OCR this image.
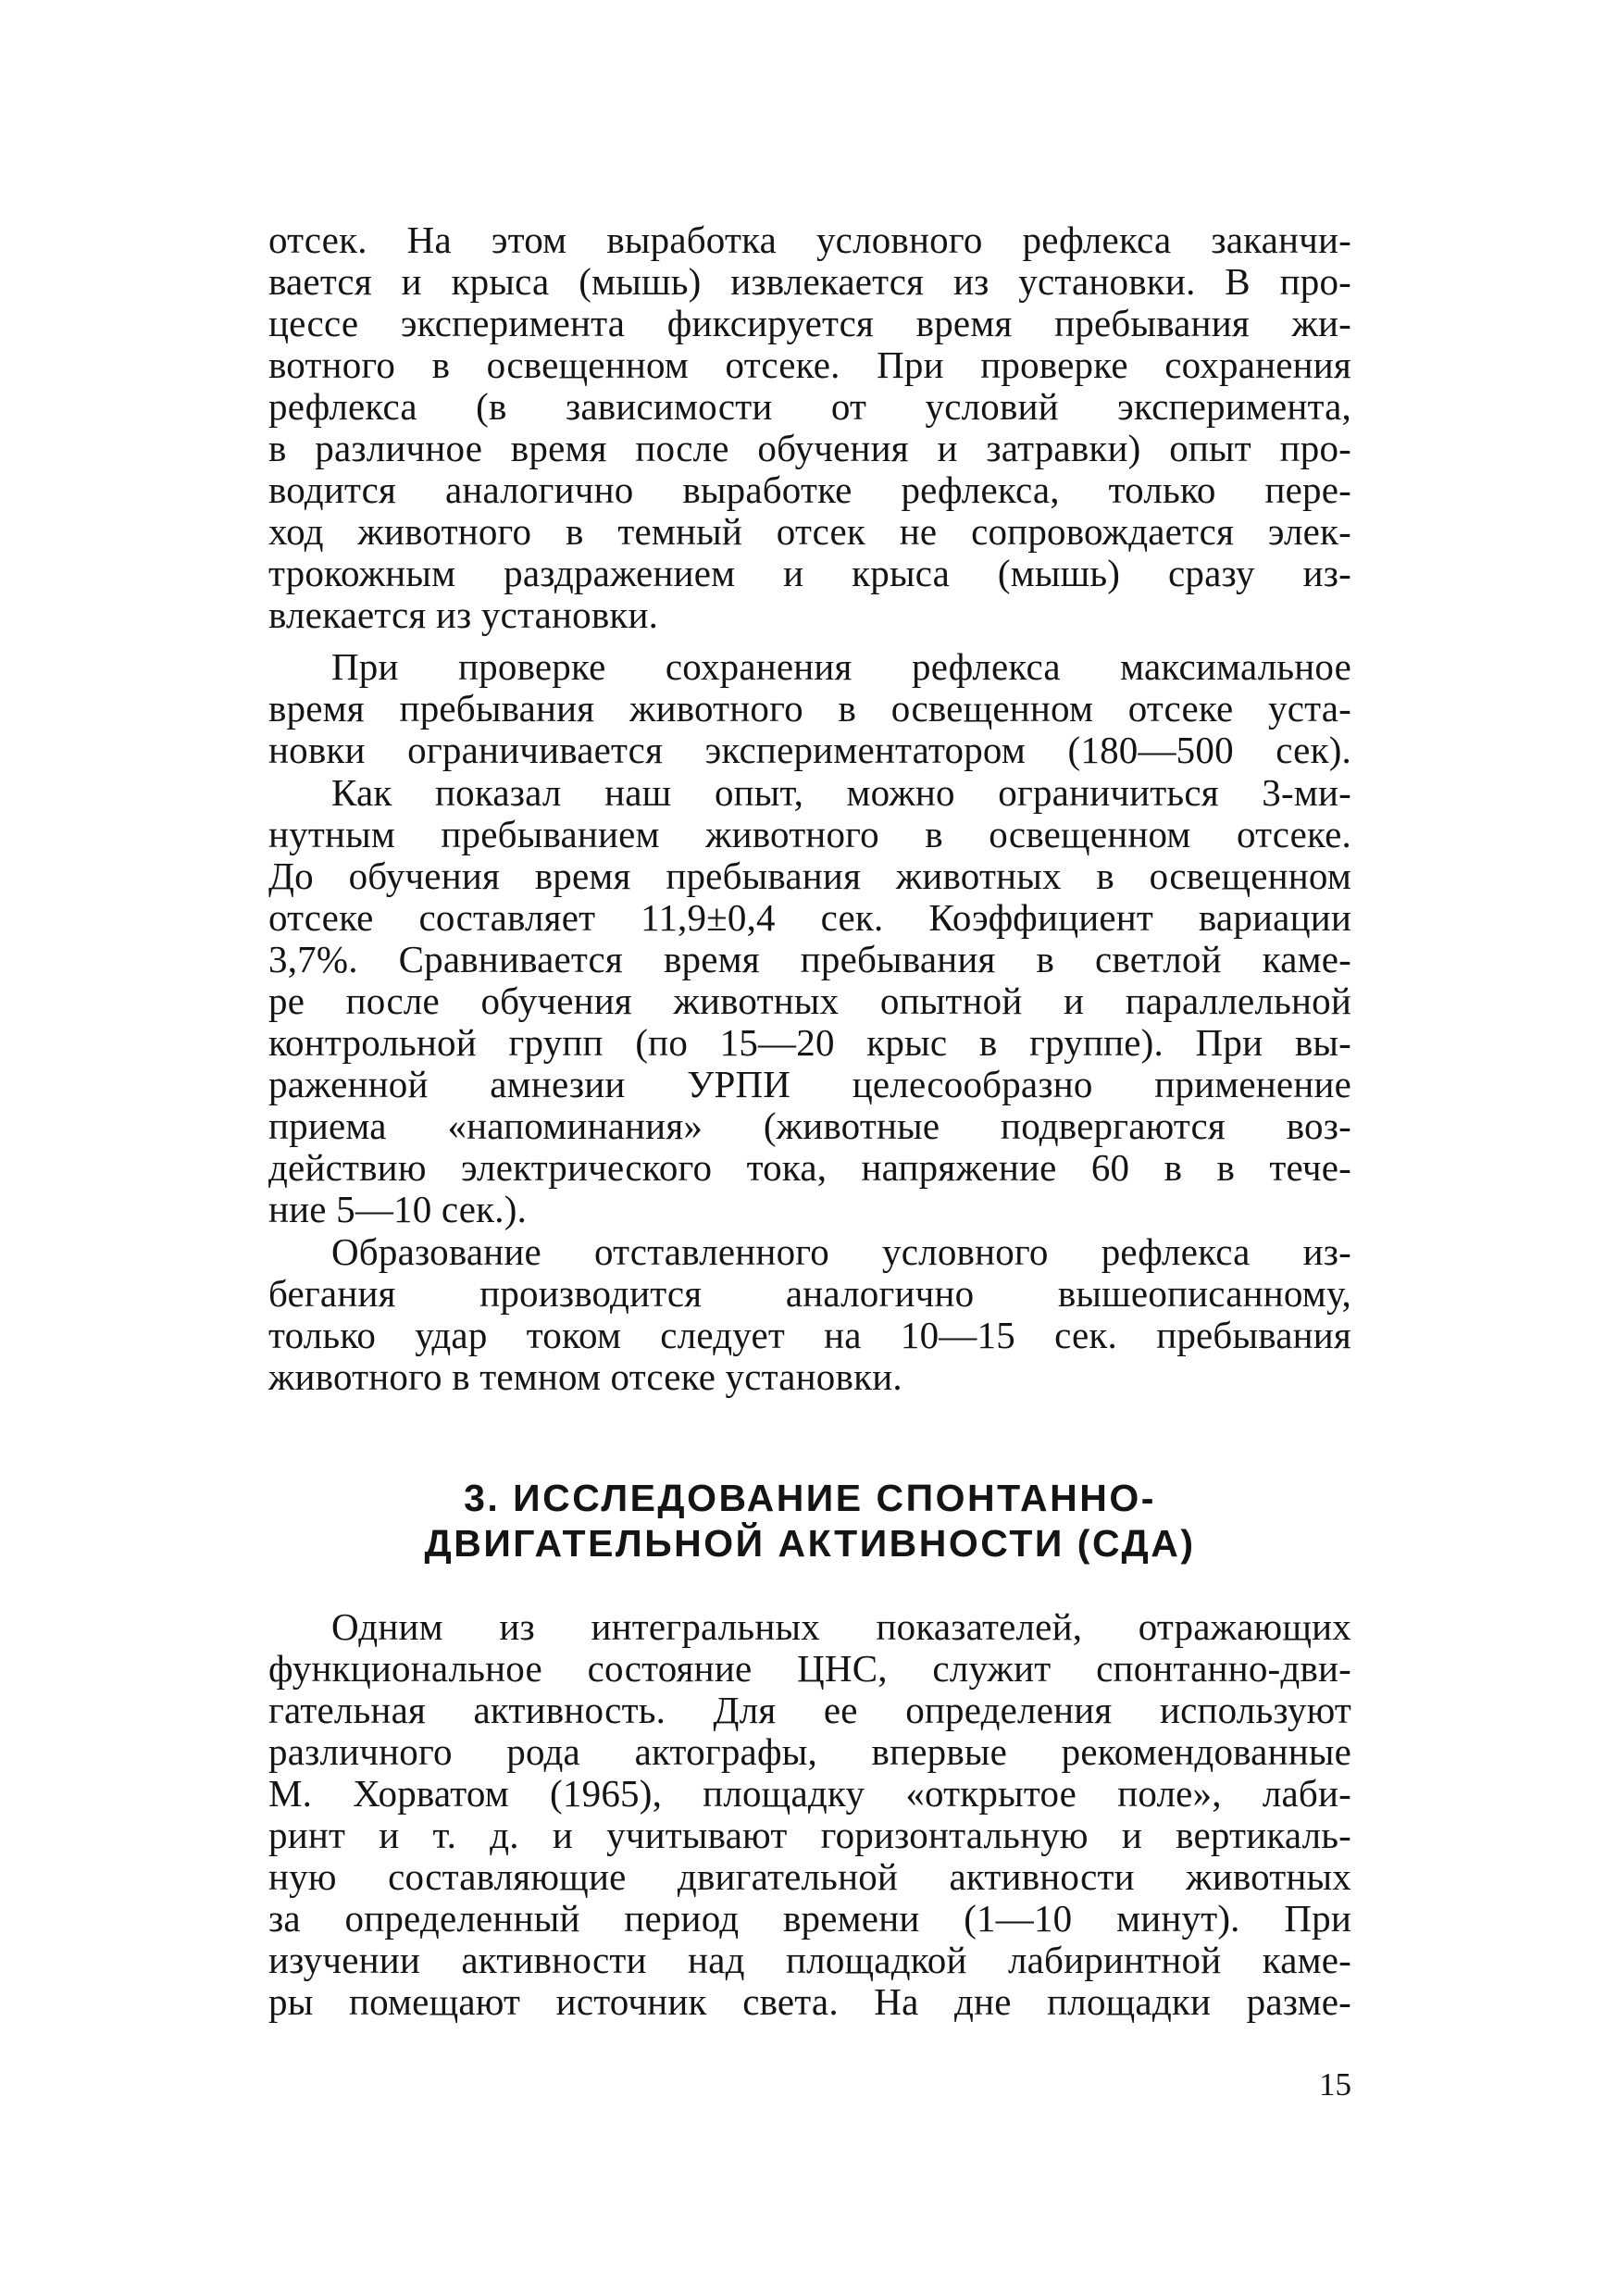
отсек. На этом выработка условного рефлекса заканчи-
вается и крыса (мышь) извлекается из установки. В про-
цессе эксперимента фиксируется время пребывания жи-
вотного в освещенном отсеке. При проверке сохранения
рефлекса (в зависимости от условий эксперимента,
в различное время после обучения и затравки) опыт про-
водится аналогично выработке рефлекса, только пере-
ход животного в темный отсек не сопровождается элек-
трокожным раздражением и крыса (мышь) сразу из-
влекается из установки.
При проверке сохранения рефлекса максимальное
время пребывания животного в освещенном отсеке уста-
новки ограничивается экспериментатором (180—500 сек).
Как показал наш опыт, можно ограничиться 3-ми-
нутным пребыванием животного в освещенном отсеке.
До обучения время пребывания животных в освещенном
отсеке составляет 11,9±0,4 сек. Коэффициент вариации
3,7%. Сравнивается время пребывания в светлой каме-
ре после обучения животных опытной и параллельной
контрольной групп (по 15—20 крыс в группе). При вы-
раженной амнезии УРПИ целесообразно применение
приема «напоминания» (животные подвергаются воз-
действию электрического тока, напряжение 60 в в тече-
ние 5—10 сек.).
Образование отставленного условного рефлекса из-
бегания производится аналогично вышеописанному,
только удар током следует на 10—15 сек. пребывания
животного в темном отсеке установки.
3. ИССЛЕДОВАНИЕ СПОНТАННО-
ДВИГАТЕЛЬНОЙ АКТИВНОСТИ (СДА)
Одним из интегральных показателей, отражающих
функциональное состояние ЦНС, служит спонтанно-дви-
гательная активность. Для ее определения используют
различного рода актографы, впервые рекомендованные
М. Хорватом (1965), площадку «открытое поле», лаби-
ринт и т. д. и учитывают горизонтальную и вертикаль-
ную составляющие двигательной активности животных
за определенный период времени (1—10 минут). При
изучении активности над площадкой лабиринтной каме-
ры помещают источник света. На дне площадки разме-
15
